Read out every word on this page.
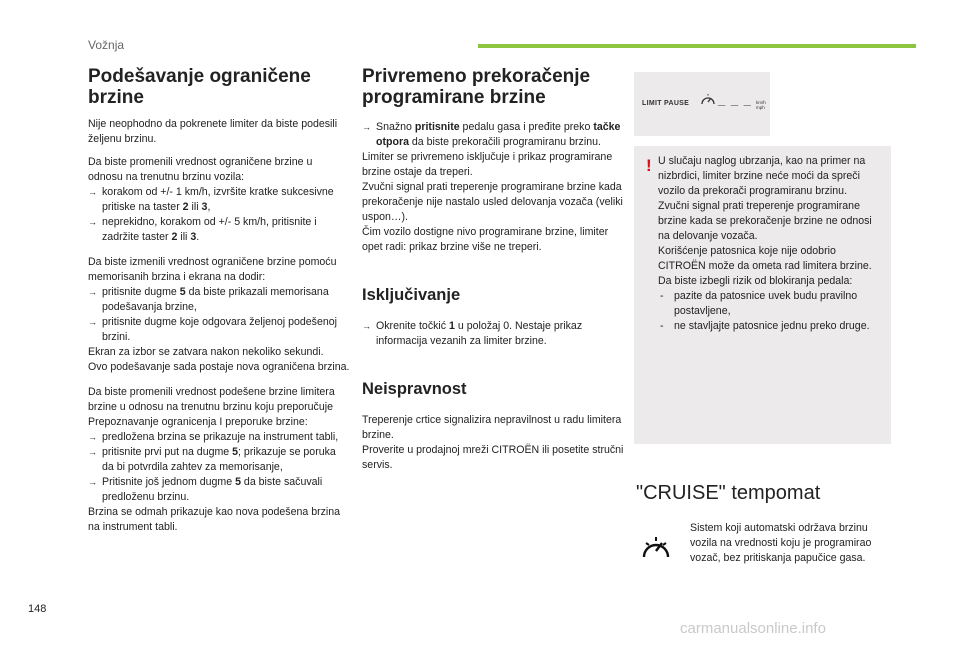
Vožnja
Podešavanje ograničene
brzine

Nije neophodno da pokrenete limiter da biste podesili željenu brzinu.

Da biste promenili vrednost ograničene brzine u odnosu na trenutnu brzinu vozila:

→ korakom od +/- 1 km/h, izvršite kratke sukcesivne pritiske na taster 2 ili 3,
→ neprekidno, korakom od +/- 5 km/h, pritisnite i zadržite taster 2 ili 3.

Da biste izmenili vrednost ograničene brzine pomoću memorisanih brzina i ekrana na dodir:

→ pritisnite dugme 5 da biste prikazali memorisana podešavanja brzine,
→ pritisnite dugme koje odgovara željenoj podešenoj brzini.

Ekran za izbor se zatvara nakon nekoliko sekundi.

Ovo podešavanje sada postaje nova ograničena brzina.

Da biste promenili vrednost podešene brzine limitera brzine u odnosu na trenutnu brzinu koju preporučuje Prepoznavanje ogranicenja I preporuke brzine:

→ predložena brzina se prikazuje na instrument tabli,
→ pritisnite prvi put na dugme 5; prikazuje se poruka da bi potvrdila zahtev za memorisanje,
→ Pritisnite još jednom dugme 5 da biste sačuvali predloženu brzinu.

Brzina se odmah prikazuje kao nova podešena brzina na instrument tabli.

Privremeno prekoračenje
programirane brzine
→ Snažno pritisnite pedalu gasa i pređite preko tačke otpora da biste prekoračili programiranu brzinu.

Limiter se privremeno isključuje i prikaz programirane brzine ostaje da treperi.

Zvučni signal prati treperenje programirane brzine kada prekoračenje nije nastalo usled delovanja vozača (veliki uspon…).

Čim vozilo dostigne nivo programirane brzine, limiter opet radi: prikaz brzine više ne treperi.

Isključivanje
→ Okrenite točkić 1 u položaj 0. Nestaje prikaz informacija vezanih za limiter brzine.
Neispravnost

Treperenje crtice signalizira nepravilnost u radu limitera brzine.

Proverite u prodajnoj mreži CITROËN ili posetite stručni servis.

LIMIT PAUSE _ _ _ km/h
mph
! U slučaju naglog ubrzanja, kao na primer na nizbrdici, limiter brzine neće moći da spreči vozilo da prekorači programiranu brzinu.

Zvučni signal prati treperenje programirane brzine kada se prekoračenje brzine ne odnosi na delovanje vozača.

Korišćenje patosnica koje nije odobrio CITROËN može da ometa rad limitera brzine.

Da biste izbegli rizik od blokiranja pedala:

- pazite da patosnice uvek budu pravilno postavljene,
- ne stavljajte patosnice jednu preko druge.
"CRUISE" tempomat
Sistem koji automatski održava brzinu vozila na vrednosti koju je programirao vozač, bez pritiskanja papučice gasa.
148
carmanualsonline.info
